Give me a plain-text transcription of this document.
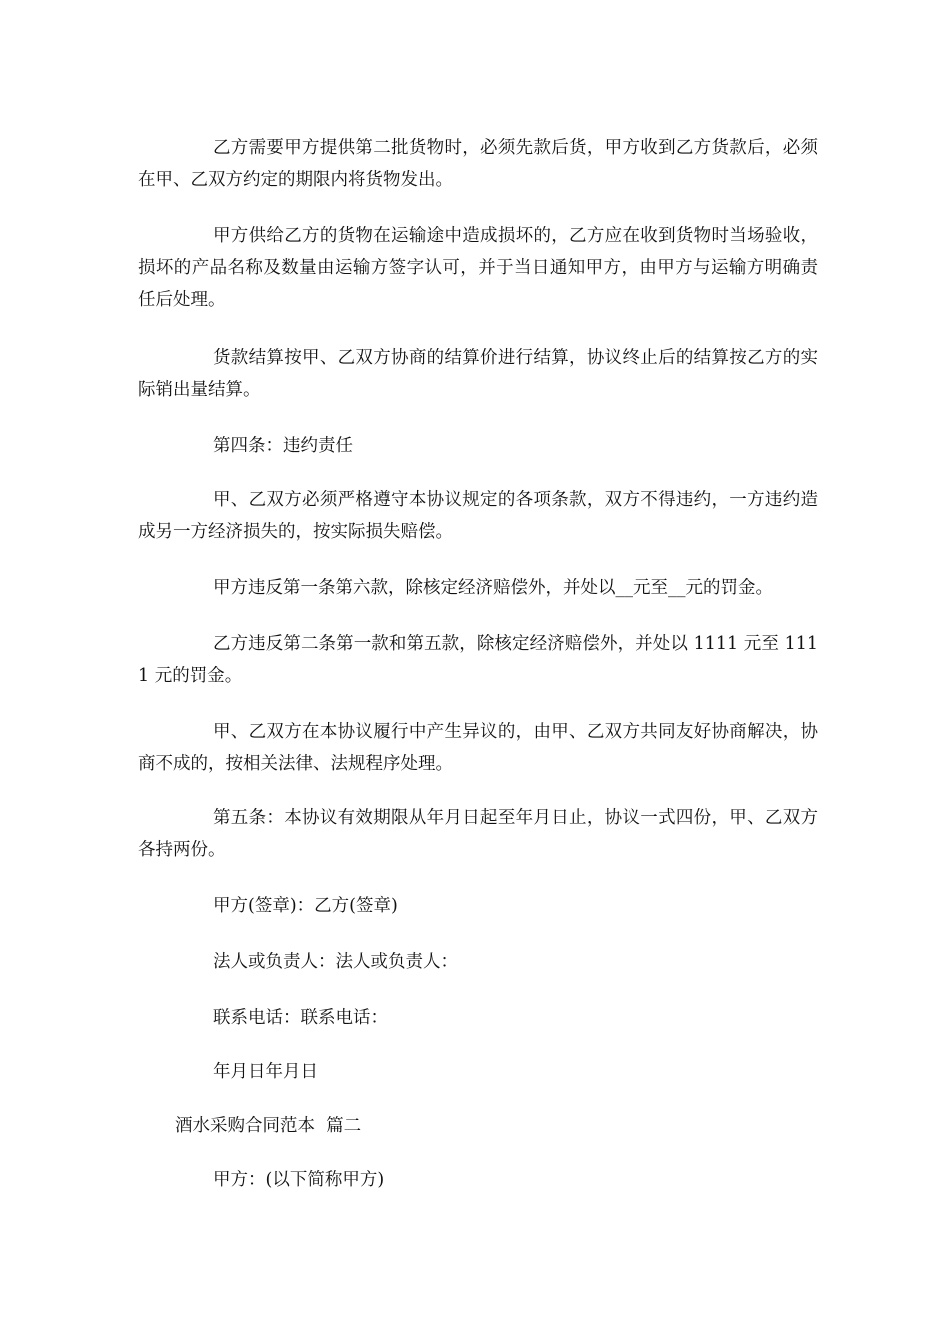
乙方需要甲方提供第二批货物时，必须先款后货，甲方收到乙方货款后，必须在甲、乙双方约定的期限内将货物发出。

甲方供给乙方的货物在运输途中造成损坏的，乙方应在收到货物时当场验收，损坏的产品名称及数量由运输方签字认可，并于当日通知甲方，由甲方与运输方明确责任后处理。

货款结算按甲、乙双方协商的结算价进行结算，协议终止后的结算按乙方的实际销出量结算。

第四条：违约责任

甲、乙双方必须严格遵守本协议规定的各项条款，双方不得违约，一方违约造成另一方经济损失的，按实际损失赔偿。

甲方违反第一条第六款，除核定经济赔偿外，并处以__元至__元的罚金。

乙方违反第二条第一款和第五款，除核定经济赔偿外，并处以 1111 元至 1111 元的罚金。

甲、乙双方在本协议履行中产生异议的，由甲、乙双方共同友好协商解决，协商不成的，按相关法律、法规程序处理。

第五条：本协议有效期限从年月日起至年月日止，协议一式四份，甲、乙双方各持两份。

甲方(签章)：乙方(签章)

法人或负责人：法人或负责人：

联系电话：联系电话：

年月日年月日

酒水采购合同范本  篇二

甲方：(以下简称甲方)
